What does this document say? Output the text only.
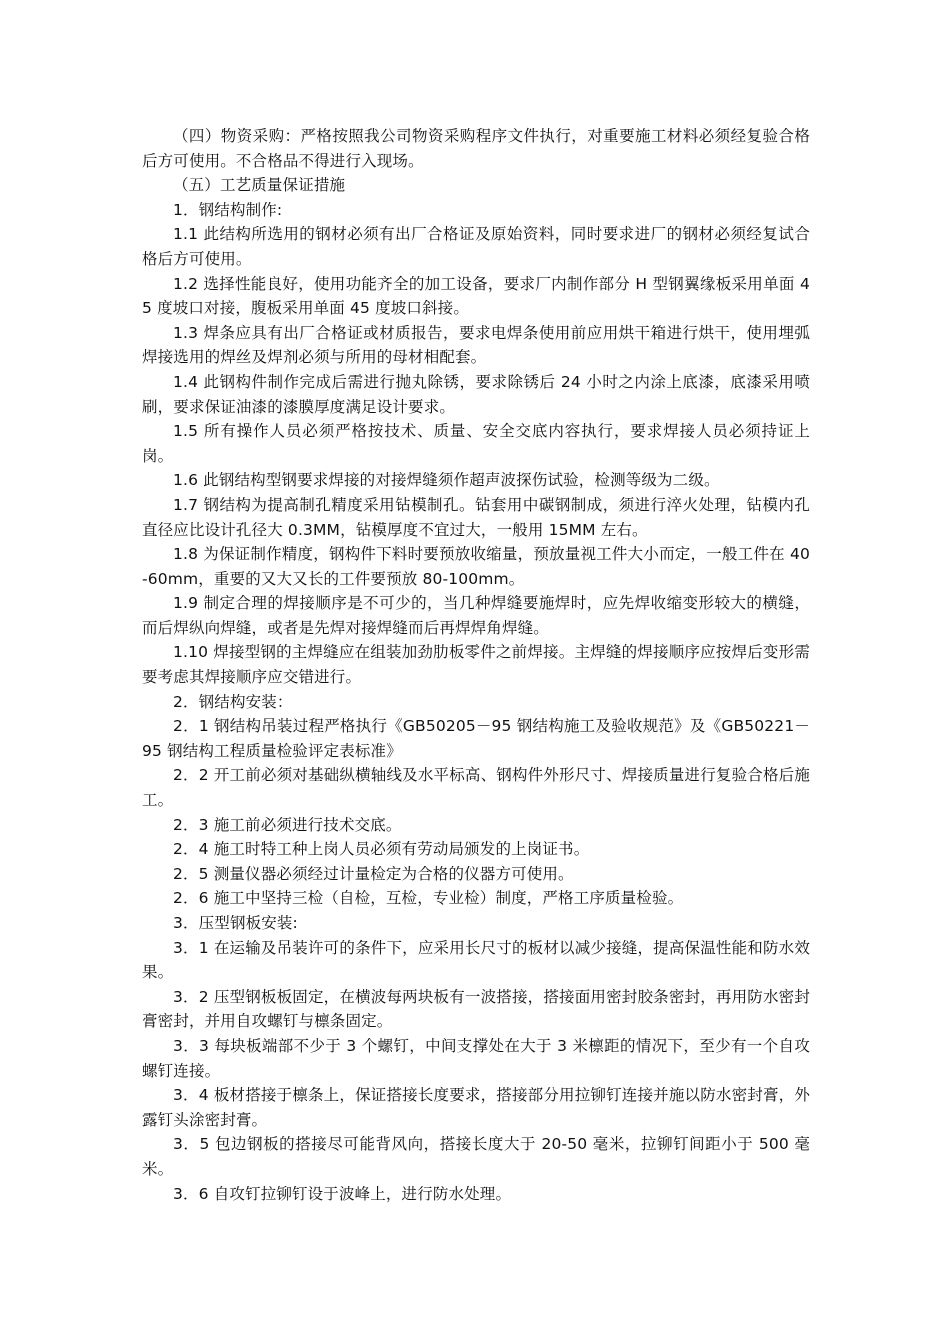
（四）物资采购：严格按照我公司物资采购程序文件执行，对重要施工材料必须经复验合格后方可使用。不合格品不得进行入现场。

（五）工艺质量保证措施

1．钢结构制作:

1.1 此结构所选用的钢材必须有出厂合格证及原始资料，同时要求进厂的钢材必须经复试合格后方可使用。

1.2 选择性能良好，使用功能齐全的加工设备，要求厂内制作部分 H 型钢翼缘板采用单面 45 度坡口对接，腹板采用单面 45 度坡口斜接。

1.3 焊条应具有出厂合格证或材质报告，要求电焊条使用前应用烘干箱进行烘干，使用埋弧焊接选用的焊丝及焊剂必须与所用的母材相配套。

1.4 此钢构件制作完成后需进行抛丸除锈，要求除锈后 24 小时之内涂上底漆，底漆采用喷刷，要求保证油漆的漆膜厚度满足设计要求。

1.5 所有操作人员必须严格按技术、质量、安全交底内容执行，要求焊接人员必须持证上岗。

1.6 此钢结构型钢要求焊接的对接焊缝须作超声波探伤试验，检测等级为二级。

1.7 钢结构为提高制孔精度采用钻模制孔。钻套用中碳钢制成，须进行淬火处理，钻模内孔直径应比设计孔径大 0.3MM，钻模厚度不宜过大，一般用 15MM 左右。

1.8 为保证制作精度，钢构件下料时要预放收缩量，预放量视工件大小而定，一般工件在 40-60mm，重要的又大又长的工件要预放 80-100mm。

1.9 制定合理的焊接顺序是不可少的，当几种焊缝要施焊时，应先焊收缩变形较大的横缝，而后焊纵向焊缝，或者是先焊对接焊缝而后再焊焊角焊缝。

1.10 焊接型钢的主焊缝应在组装加劲肋板零件之前焊接。主焊缝的焊接顺序应按焊后变形需要考虑其焊接顺序应交错进行。

2．钢结构安装：

2．1 钢结构吊装过程严格执行《GB50205－95 钢结构施工及验收规范》及《GB50221－95 钢结构工程质量检验评定表标准》

2．2 开工前必须对基础纵横轴线及水平标高、钢构件外形尺寸、焊接质量进行复验合格后施工。

2．3 施工前必须进行技术交底。

2．4 施工时特工种上岗人员必须有劳动局颁发的上岗证书。

2．5 测量仪器必须经过计量检定为合格的仪器方可使用。

2．6 施工中坚持三检（自检，互检，专业检）制度，严格工序质量检验。

3．压型钢板安装:

3．1 在运输及吊装许可的条件下，应采用长尺寸的板材以减少接缝，提高保温性能和防水效果。

3．2 压型钢板板固定，在横波每两块板有一波搭接，搭接面用密封胶条密封，再用防水密封膏密封，并用自攻螺钉与檩条固定。

3．3 每块板端部不少于 3 个螺钉，中间支撑处在大于 3 米檩距的情况下，至少有一个自攻螺钉连接。

3．4 板材搭接于檩条上，保证搭接长度要求，搭接部分用拉铆钉连接并施以防水密封膏，外露钉头涂密封膏。

3．5 包边钢板的搭接尽可能背风向，搭接长度大于 20-50 毫米，拉铆钉间距小于 500 毫米。

3．6 自攻钉拉铆钉设于波峰上，进行防水处理。
